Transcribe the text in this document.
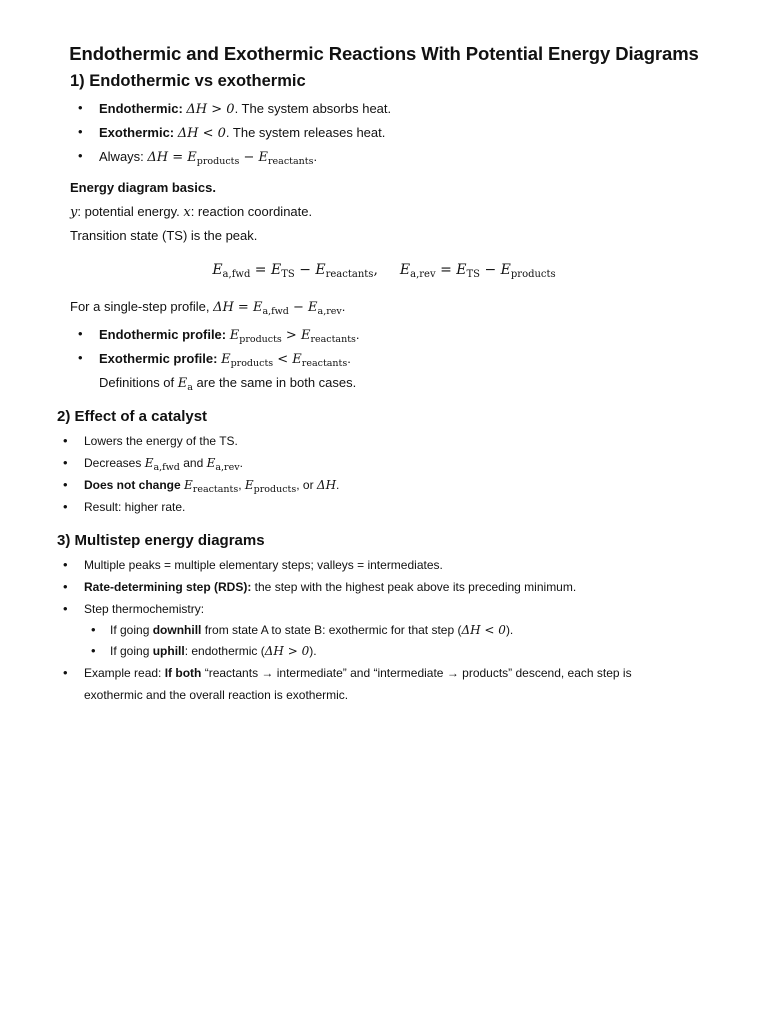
Endothermic and Exothermic Reactions With Potential Energy Diagrams
1) Endothermic vs exothermic
• Endothermic: ΔH > 0. The system absorbs heat.
• Exothermic: ΔH < 0. The system releases heat.
• Always: $\Delta H = E_{products} - E_{reactants}$.
Energy diagram basics.
y: potential energy. x: reaction coordinate.
Transition state (TS) is the peak.
$E_{a,fwd} = E_{TS} - E_{reactants}$, $E_{a,rev} = E_{TS} - E_{products}$
For a single-step profile, $\Delta H = E_{a,fwd} - E_{a,rev}$.
• Endothermic profile: $E_{products} > E_{reactants}$.
• Exothermic profile: $E_{products} < E_{reactants}$.
Definitions of $E_a$ are the same in both cases.
2) Effect of a catalyst
• Lowers the energy of the TS.
• Decreases $E_{a,fwd}$ and $E_{a,rev}$.
• Does not change $E_{reactants}$, $E_{products}$, or ΔH.
• Result: higher rate.
3) Multistep energy diagrams
• Multiple peaks = multiple elementary steps; valleys = intermediates.
• Rate-determining step (RDS): the step with the highest peak above its preceding minimum.
• Step thermochemistry:
• If going downhill from state A to state B: exothermic for that step (ΔH < 0).
• If going uphill: endothermic (ΔH > 0).
• Example read: If both “reactants → intermediate” and “intermediate → products” descend, each step is
exothermic and the overall reaction is exothermic.
